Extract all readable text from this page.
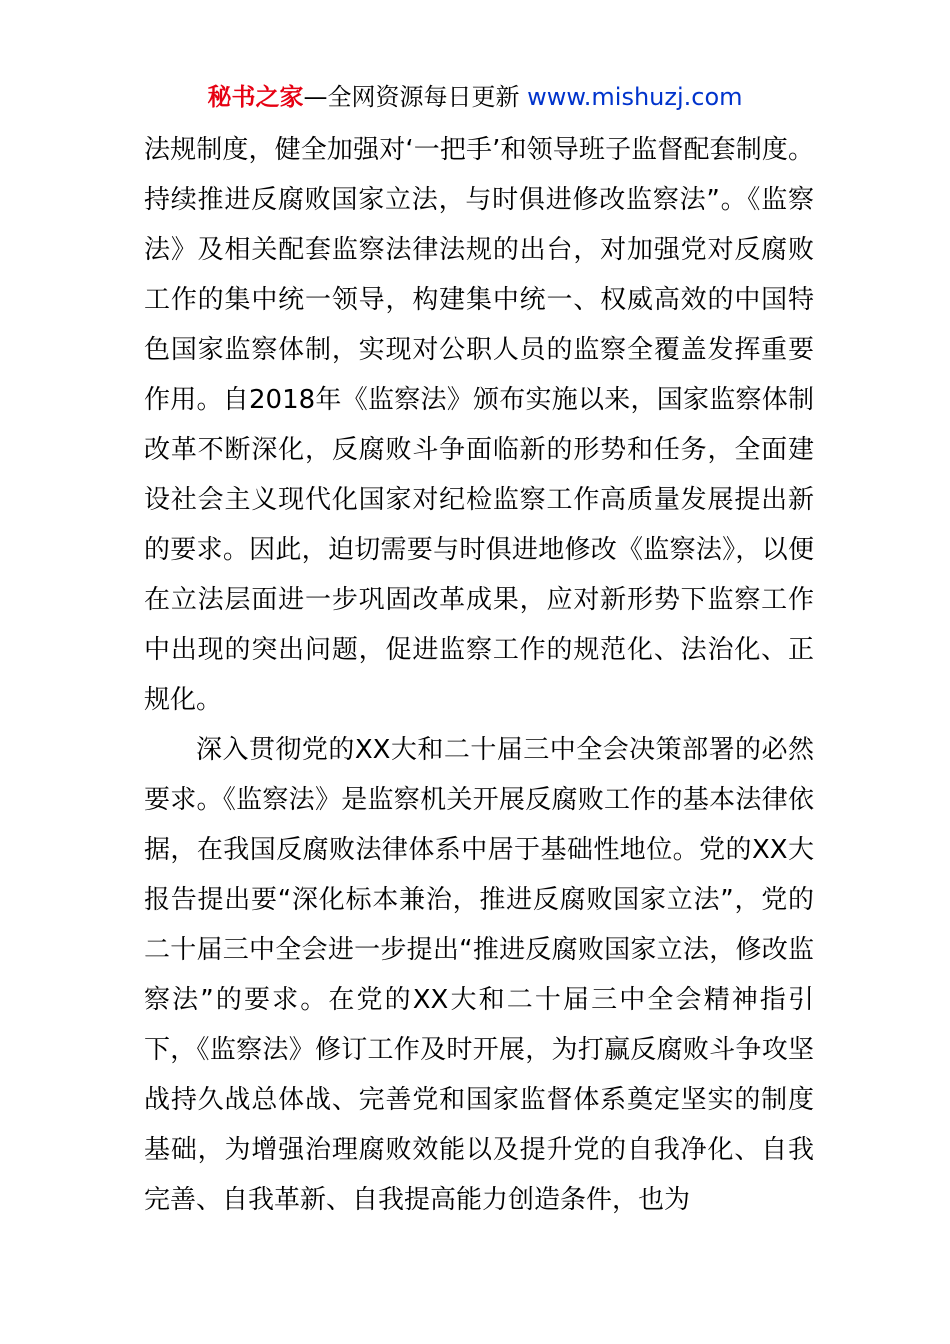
秘书之家—全网资源每日更新 www.mishuzj.com

法规制度，健全加强对‘一把手’和领导班子监督配套制度。持续推进反腐败国家立法，与时俱进修改监察法”。《监察法》及相关配套监察法律法规的出台，对加强党对反腐败工作的集中统一领导，构建集中统一、权威高效的中国特色国家监察体制，实现对公职人员的监察全覆盖发挥重要作用。自2018年《监察法》颁布实施以来，国家监察体制改革不断深化，反腐败斗争面临新的形势和任务，全面建设社会主义现代化国家对纪检监察工作高质量发展提出新的要求。因此，迫切需要与时俱进地修改《监察法》，以便在立法层面进一步巩固改革成果，应对新形势下监察工作中出现的突出问题，促进监察工作的规范化、法治化、正规化。

深入贯彻党的XX大和二十届三中全会决策部署的必然要求。《监察法》是监察机关开展反腐败工作的基本法律依据，在我国反腐败法律体系中居于基础性地位。党的XX大报告提出要“深化标本兼治，推进反腐败国家立法”，党的二十届三中全会进一步提出“推进反腐败国家立法，修改监察法”的要求。在党的XX大和二十届三中全会精神指引下，《监察法》修订工作及时开展，为打赢反腐败斗争攻坚战持久战总体战、完善党和国家监督体系奠定坚实的制度基础，为增强治理腐败效能以及提升党的自我净化、自我完善、自我革新、自我提高能力创造条件，也为
